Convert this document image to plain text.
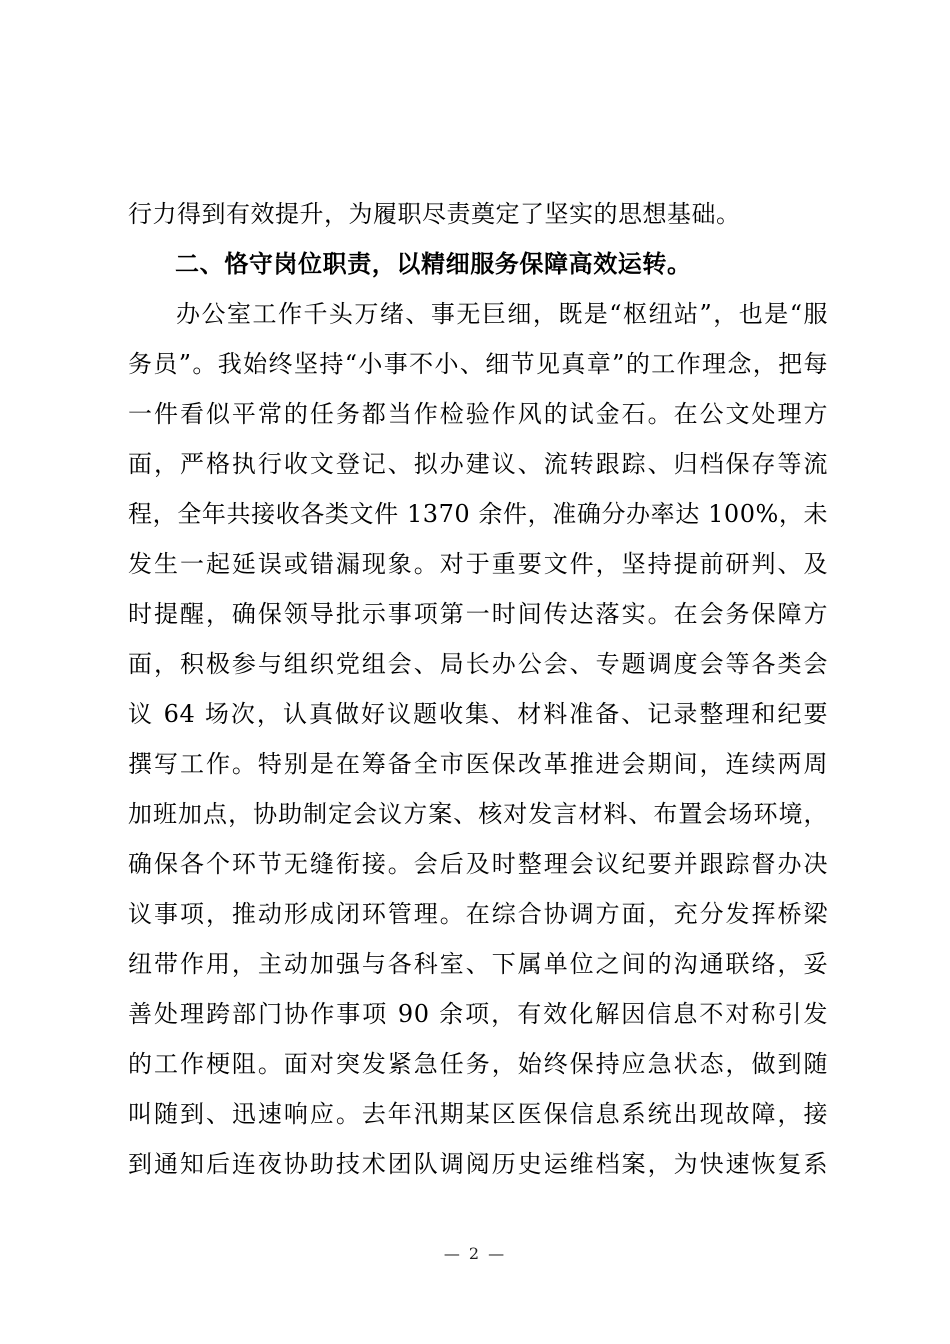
行力得到有效提升，为履职尽责奠定了坚实的思想基础。
二、恪守岗位职责，以精细服务保障高效运转。
办公室工作千头万绪、事无巨细，既是“枢纽站”，也是“服
务员”。我始终坚持“小事不小、细节见真章”的工作理念，把每
一件看似平常的任务都当作检验作风的试金石。在公文处理方
面，严格执行收文登记、拟办建议、流转跟踪、归档保存等流
程，全年共接收各类文件 1370 余件，准确分办率达 100%，未
发生一起延误或错漏现象。对于重要文件，坚持提前研判、及
时提醒，确保领导批示事项第一时间传达落实。在会务保障方
面，积极参与组织党组会、局长办公会、专题调度会等各类会
议 64 场次，认真做好议题收集、材料准备、记录整理和纪要
撰写工作。特别是在筹备全市医保改革推进会期间，连续两周
加班加点，协助制定会议方案、核对发言材料、布置会场环境，
确保各个环节无缝衔接。会后及时整理会议纪要并跟踪督办决
议事项，推动形成闭环管理。在综合协调方面，充分发挥桥梁
纽带作用，主动加强与各科室、下属单位之间的沟通联络，妥
善处理跨部门协作事项 90 余项，有效化解因信息不对称引发
的工作梗阻。面对突发紧急任务，始终保持应急状态，做到随
叫随到、迅速响应。去年汛期某区医保信息系统出现故障，接
到通知后连夜协助技术团队调阅历史运维档案，为快速恢复系
— 2 —
